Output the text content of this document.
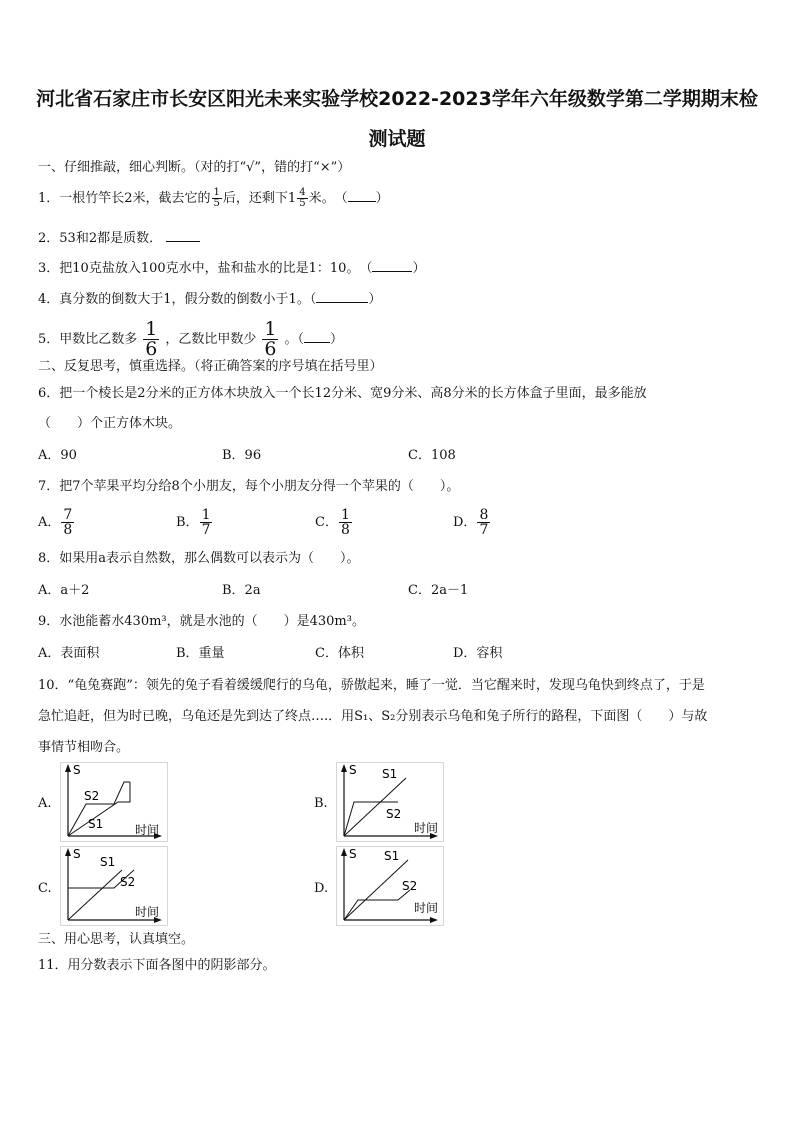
河北省石家庄市长安区阳光未来实验学校2022-2023学年六年级数学第二学期期末检
测试题
一、仔细推敲，细心判断。（对的打“√”，错的打“×”）
1．一根竹竿长2米，截去它的 $\frac{1}{5}$ 后，还剩下$1 \frac{4}{5}$ 米。　（ ）
2．53和2都是质数．
3．把10克盐放入100克水中，盐和盐水的比是1：10。　（	）
4．真分数的倒数大于1，假分数的倒数小于1。（	）
5．甲数比乙数多 $\frac{1}{6}$ ，乙数比甲数少 $\frac{1}{6}$ 。（ ）
二、反复思考，慎重选择。（将正确答案的序号填在括号里）
6．把一个棱长是2分米的正方体木块放入一个长12分米、宽9分米、高8分米的长方体盒子里面，最多能放
（　　）个正方体木块。
A．90	B．96	C．108
7．把7个苹果平均分给8个小朋友，每个小朋友分得一个苹果的（　　）。
A． $\frac{7}{8}$	B． $\frac{1}{7}$	C． $\frac{1}{8}$	D． $\frac{8}{7}$
8．如果用a表示自然数，那么偶数可以表示为（　　）。
A．a＋2	B．2a	C．2a－1
9．水池能蓄水430m³，就是水池的（　　）是430m³。
A．表面积	B．重量	C．体积	D．容积
10．“龟兔赛跑”：领先的兔子看着缓缓爬行的乌龟，骄傲起来，睡了一觉．当它醒来时，发现乌龟快到终点了，于是
急忙追赶，但为时已晚，乌龟还是先到达了终点….．用S₁、S₂分别表示乌龟和兔子所行的路程，下面图（　　）与故
事情节相吻合。
A.
S
时间
S2
S1
B.
S
时间
S1
S2
C.
S
时间
S1
S2	D.
S
时间
S1
S2
三、用心思考，认真填空。
11．用分数表示下面各图中的阴影部分。
